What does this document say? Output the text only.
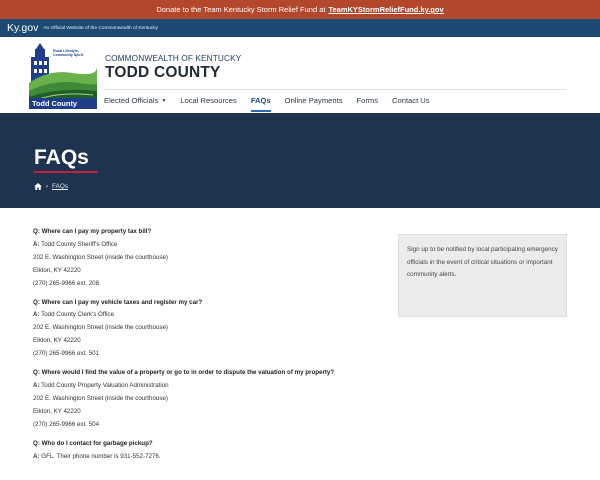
Donate to the Team Kentucky Storm Relief Fund at TeamKYStormReliefFund.ky.gov
Ky.gov An Official Website of the Commonwealth of Kentucky
Rural Lifestyle, Community Spirit
Todd County
COMMONWEALTH OF KENTUCKY
TODD COUNTY
Elected Officials ▼ Local Resources FAQs Online Payments Forms Contact Us
FAQs
› FAQs
Q: Where can I pay my property tax bill?
A: Todd County Sheriff's Office
202 E. Washington Street (inside the courthouse)
Elkton, KY 42220
(270) 265-9966 ext. 208
Q: Where can I pay my vehicle taxes and register my car?
A: Todd County Clerk's Office
202 E. Washington Street (inside the courthouse)
Elkton, KY 42220
(270) 265-9966 ext. 501
Q: Where would I find the value of a property or go to in order to dispute the valuation of my property?
A: Todd County Property Valuation Administration
202 E. Washington Street (inside the courthouse)
Elkton, KY 42220
(270) 265-9966 ext. 504
Q: Who do I contact for garbage pickup?
A: GFL. Their phone number is 931-552-7276.
Sign up to be notified by local participating emergency officials in the event of critical situations or important community alerts.
